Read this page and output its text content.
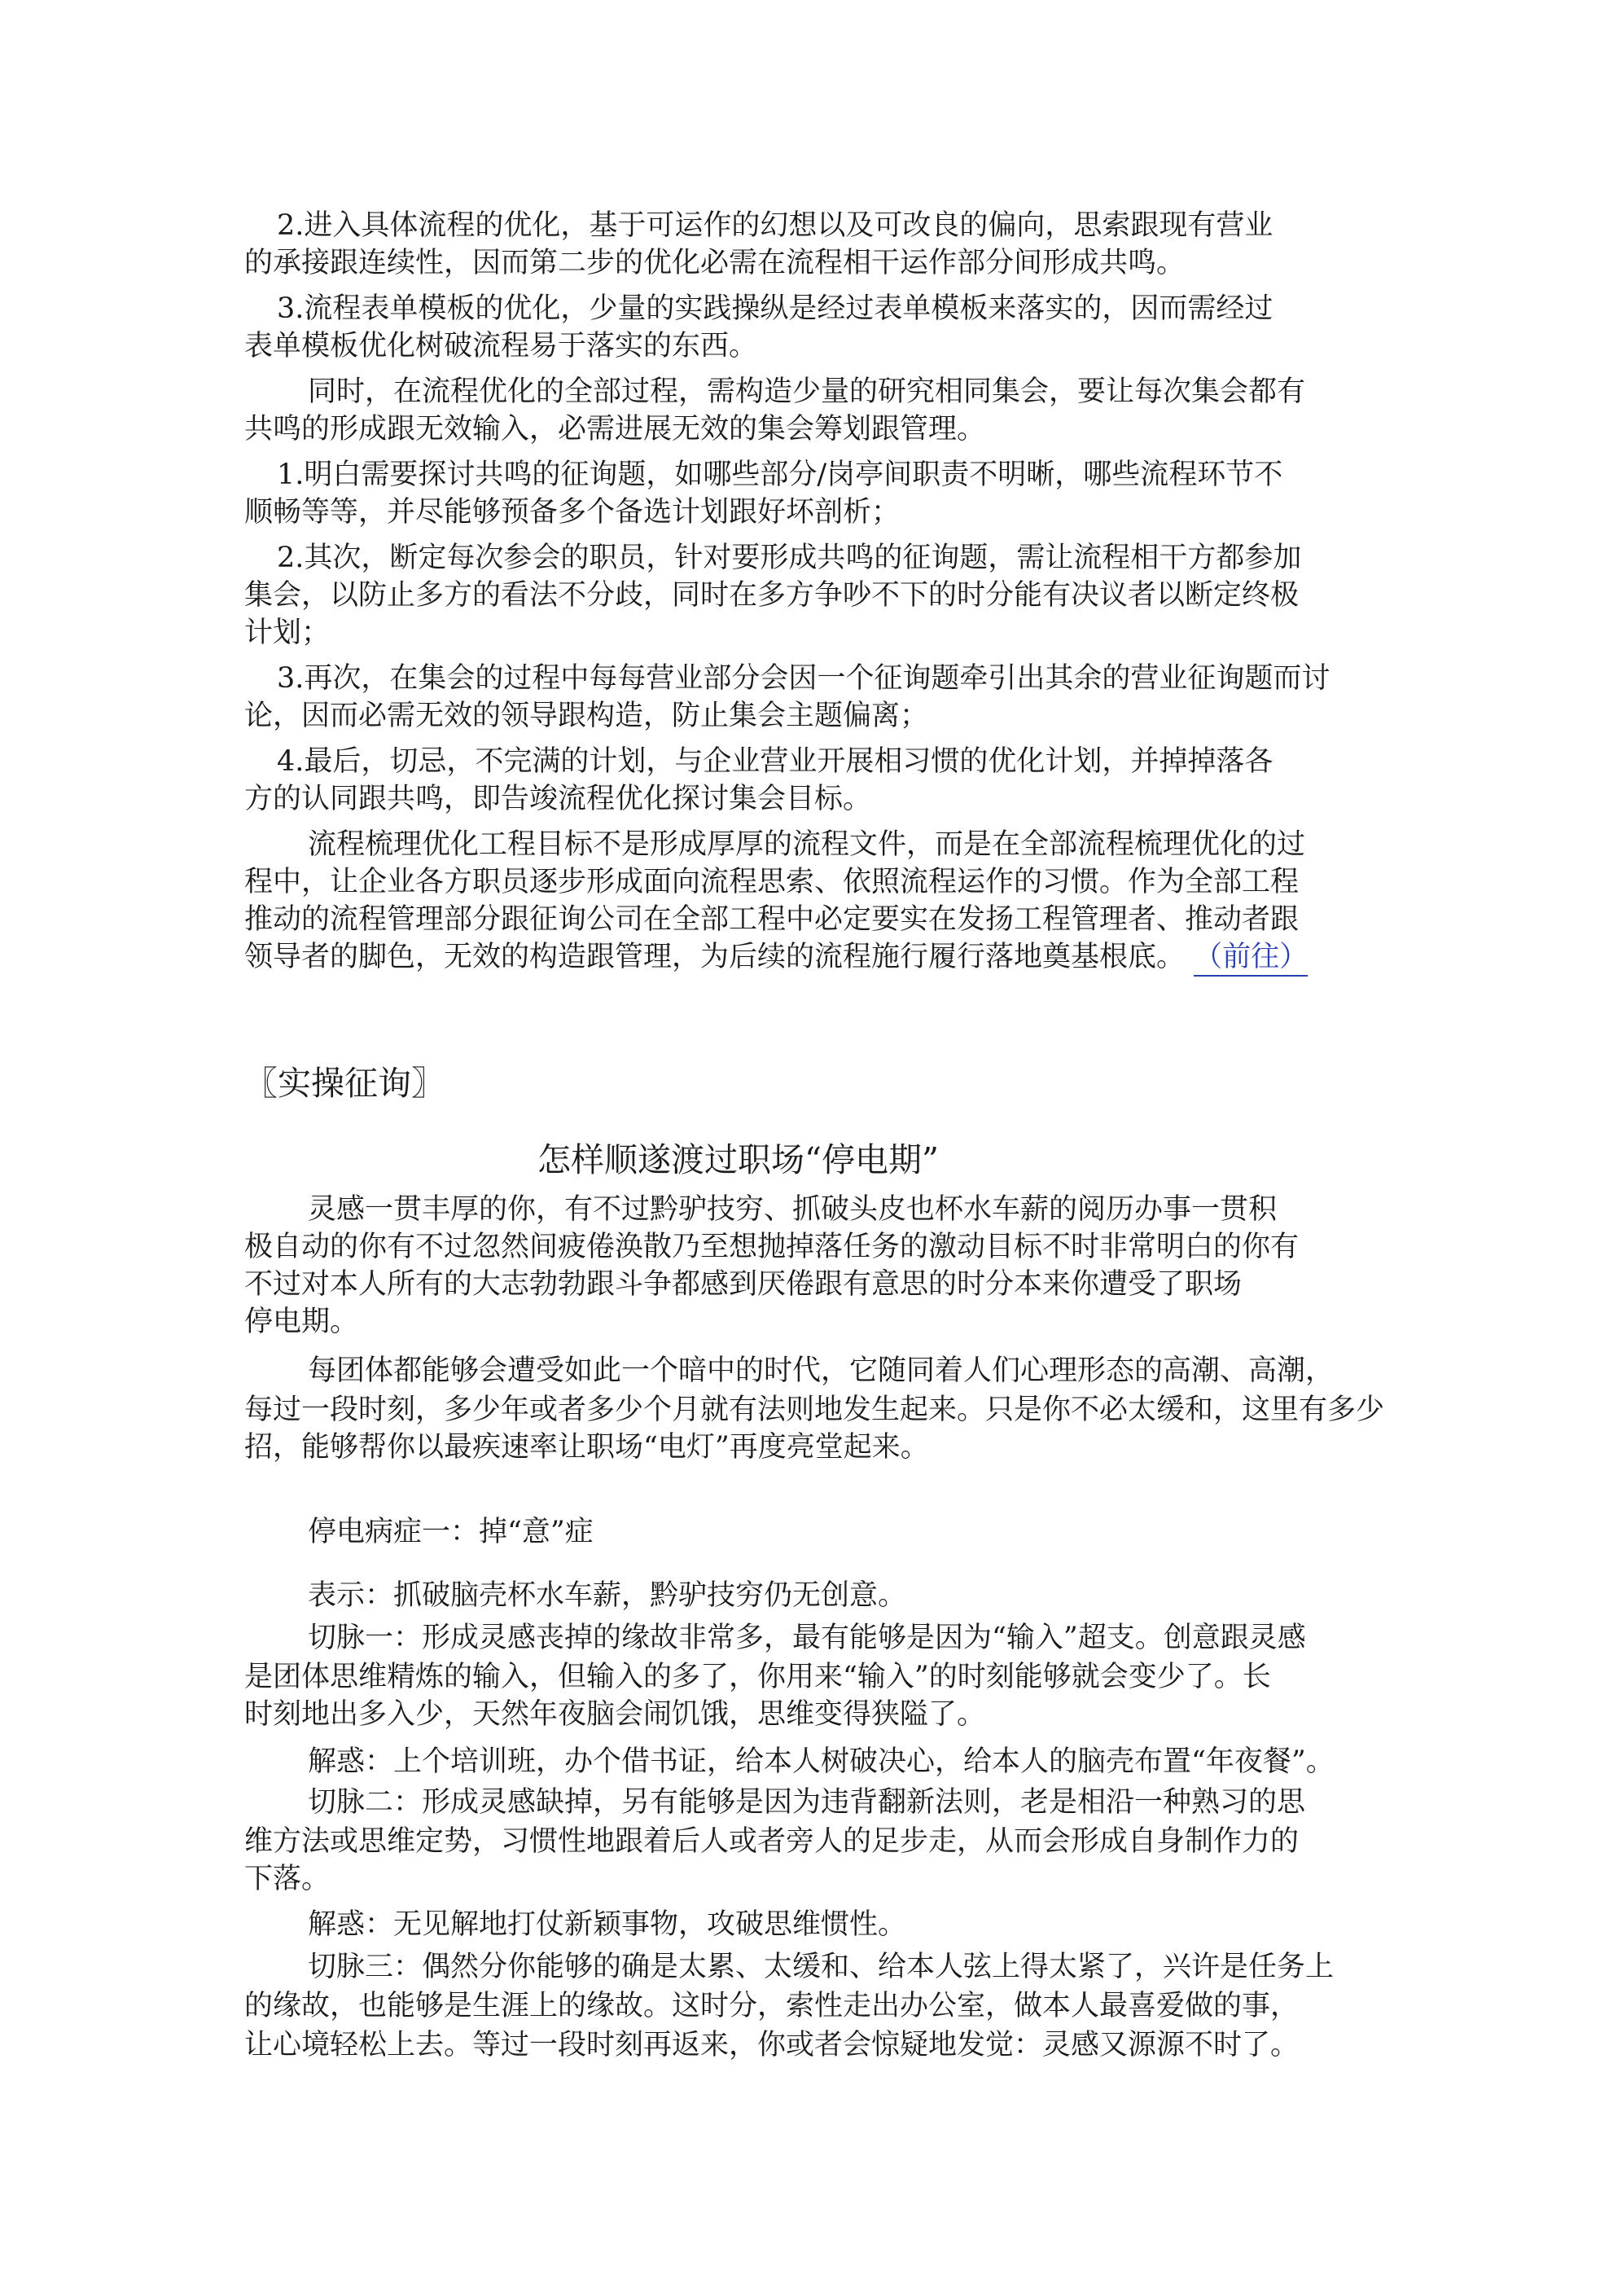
2.进入具体流程的优化，基于可运作的幻想以及可改良的偏向，思索跟现有营业

的承接跟连续性，因而第二步的优化必需在流程相干运作部分间形成共鸣。

3.流程表单模板的优化，少量的实践操纵是经过表单模板来落实的，因而需经过

表单模板优化树破流程易于落实的东西。

同时，在流程优化的全部过程，需构造少量的研究相同集会，要让每次集会都有

共鸣的形成跟无效输入，必需进展无效的集会筹划跟管理。

1.明白需要探讨共鸣的征询题，如哪些部分/岗亭间职责不明晰，哪些流程环节不

顺畅等等，并尽能够预备多个备选计划跟好坏剖析；

2.其次，断定每次参会的职员，针对要形成共鸣的征询题，需让流程相干方都参加

集会，以防止多方的看法不分歧，同时在多方争吵不下的时分能有决议者以断定终极

计划；

3.再次，在集会的过程中每每营业部分会因一个征询题牵引出其余的营业征询题而讨

论，因而必需无效的领导跟构造，防止集会主题偏离；

4.最后，切忌，不完满的计划，与企业营业开展相习惯的优化计划，并掉掉落各

方的认同跟共鸣，即告竣流程优化探讨集会目标。

流程梳理优化工程目标不是形成厚厚的流程文件，而是在全部流程梳理优化的过

程中，让企业各方职员逐步形成面向流程思索、依照流程运作的习惯。作为全部工程

推动的流程管理部分跟征询公司在全部工程中必定要实在发扬工程管理者、推动者跟

领导者的脚色，无效的构造跟管理，为后续的流程施行履行落地奠基根底。 （前往）

〖实操征询〗
怎样顺遂渡过职场“停电期”

灵感一贯丰厚的你，有不过黔驴技穷、抓破头皮也杯水车薪的阅历办事一贯积

极自动的你有不过忽然间疲倦涣散乃至想抛掉落任务的激动目标不时非常明白的你有

不过对本人所有的大志勃勃跟斗争都感到厌倦跟有意思的时分本来你遭受了职场

停电期。

每团体都能够会遭受如此一个暗中的时代，它随同着人们心理形态的高潮、高潮，

每过一段时刻，多少年或者多少个月就有法则地发生起来。只是你不必太缓和，这里有多少

招，能够帮你以最疾速率让职场“电灯”再度亮堂起来。

停电病症一：掉“意”症

表示：抓破脑壳杯水车薪，黔驴技穷仍无创意。

切脉一：形成灵感丧掉的缘故非常多，最有能够是因为“输入”超支。创意跟灵感

是团体思维精炼的输入，但输入的多了，你用来“输入”的时刻能够就会变少了。长

时刻地出多入少，天然年夜脑会闹饥饿，思维变得狭隘了。

解惑：上个培训班，办个借书证，给本人树破决心，给本人的脑壳布置“年夜餐”。

切脉二：形成灵感缺掉，另有能够是因为违背翻新法则，老是相沿一种熟习的思

维方法或思维定势，习惯性地跟着后人或者旁人的足步走，从而会形成自身制作力的

下落。

解惑：无见解地打仗新颖事物，攻破思维惯性。

切脉三：偶然分你能够的确是太累、太缓和、给本人弦上得太紧了，兴许是任务上

的缘故，也能够是生涯上的缘故。这时分，索性走出办公室，做本人最喜爱做的事，

让心境轻松上去。等过一段时刻再返来，你或者会惊疑地发觉：灵感又源源不时了。
